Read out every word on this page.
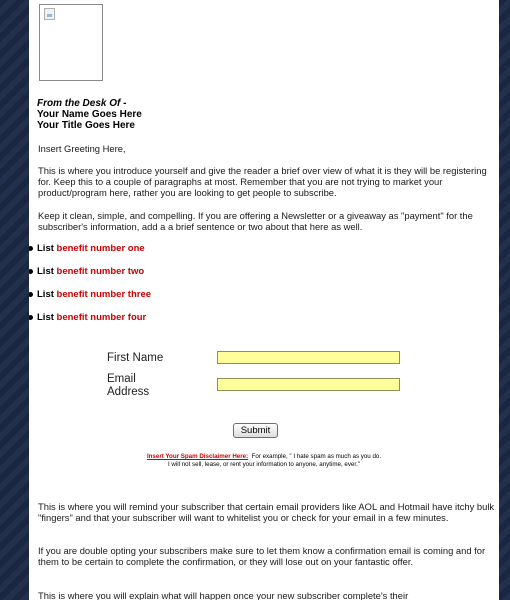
From the Desk Of -
Your Name Goes Here
Your Title Goes Here

Insert Greeting Here,

This is where you introduce yourself and give the reader a brief over view of what it is they will be registering for. Keep this to a couple of paragraphs at most. Remember that you are not trying to market your product/program here, rather you are looking to get people to subscribe.

Keep it clean, simple, and compelling. If you are offering a Newsletter or a giveaway as "payment" for the subscriber's information, add a a brief sentence or two about that here as well.

List benefit number one
List benefit number two
List benefit number three
List benefit number four
First Name
Email
Address
Submit
Insert Your Spam Disclaimer Here: For example, " I hate spam as much as you do.
I will not sell, lease, or rent your information to anyone, anytime, ever."

This is where you will remind your subscriber that certain email providers like AOL and Hotmail have itchy bulk "fingers" and that your subscriber will want to whitelist you or check for your email in a few minutes.

If you are double opting your subscribers make sure to let them know a confirmation email is coming and for them to be certain to complete the confirmation, or they will lose out on your fantastic offer.

This is where you will explain what will happen once your new subscriber complete's their
